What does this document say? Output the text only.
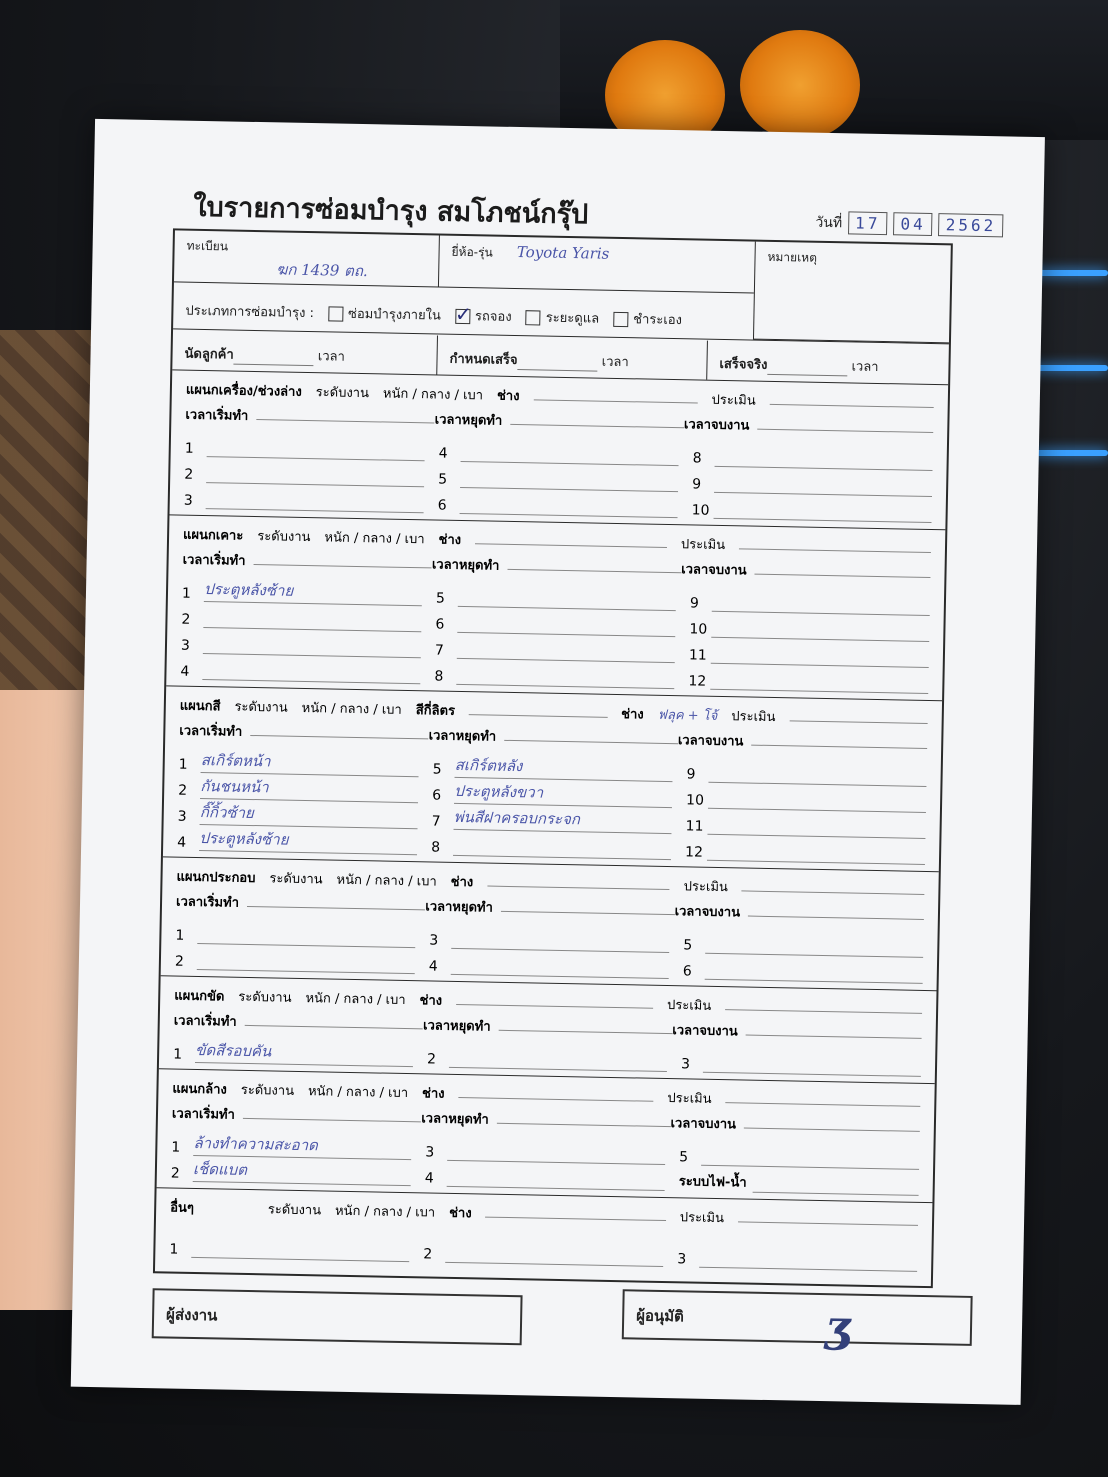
ใบรายการซ่อมบำรุง สมโภชน์กรุ๊ป	วันที่ 17	04	2562
ทะเบียน
ฆก 1439 ตถ.
ยี่ห้อ-รุ่น Toyota Yaris
ประเภทการซ่อมบำรุง :	ซ่อมบำรุงภายใน ✓	รถจอง	ระยะดูแล	ชำระเอง
หมายเหตุ
นัดลูกค้า	เวลา	กำหนดเสร็จ	เวลา	เสร็จจริง	เวลา
แผนกเครื่อง/ช่วงล่าง ระดับงาน หนัก / กลาง / เบา ช่าง	ประเมิน
เวลาเริ่มทำ	เวลาหยุดทำ	เวลาจบงาน
1	4	8
2	5	9
3	6	10
แผนกเคาะ ระดับงาน หนัก / กลาง / เบา ช่าง	ประเมิน
เวลาเริ่มทำ	เวลาหยุดทำ	เวลาจบงาน
1 ประตูหลังซ้าย	5	9
2	6	10
3	7	11
4	8	12
แผนกสี ระดับงาน หนัก / กลาง / เบา สีกี่ลิตร	ช่าง ฟลุค + โจ้ ประเมิน
เวลาเริ่มทำ	เวลาหยุดทำ	เวลาจบงาน
1 สเกิร์ตหน้า	5 สเกิร์ตหลัง	9
2 กันชนหน้า	6 ประตูหลังขวา	10
3 กิ๊กิ้วซ้าย	7 พ่นสีฝาครอบกระจก	11
4 ประตูหลังซ้าย	8	12
แผนกประกอบ ระดับงาน หนัก / กลาง / เบา ช่าง	ประเมิน
เวลาเริ่มทำ	เวลาหยุดทำ	เวลาจบงาน
1	3	5
2	4	6
แผนกขัด ระดับงาน หนัก / กลาง / เบา ช่าง	ประเมิน
เวลาเริ่มทำ	เวลาหยุดทำ	เวลาจบงาน
1 ขัดสีรอบคัน	2	3
แผนกล้าง ระดับงาน หนัก / กลาง / เบา ช่าง	ประเมิน
เวลาเริ่มทำ	เวลาหยุดทำ	เวลาจบงาน
1 ล้างทำความสะอาด	3	5
2 เช็ดแบต	4	ระบบไฟ-น้ำ
อื่นๆ	ระดับงาน หนัก / กลาง / เบา ช่าง	ประเมิน
1	2	3
ผู้ส่งงาน	ผู้อนุมัติ	ʒ
